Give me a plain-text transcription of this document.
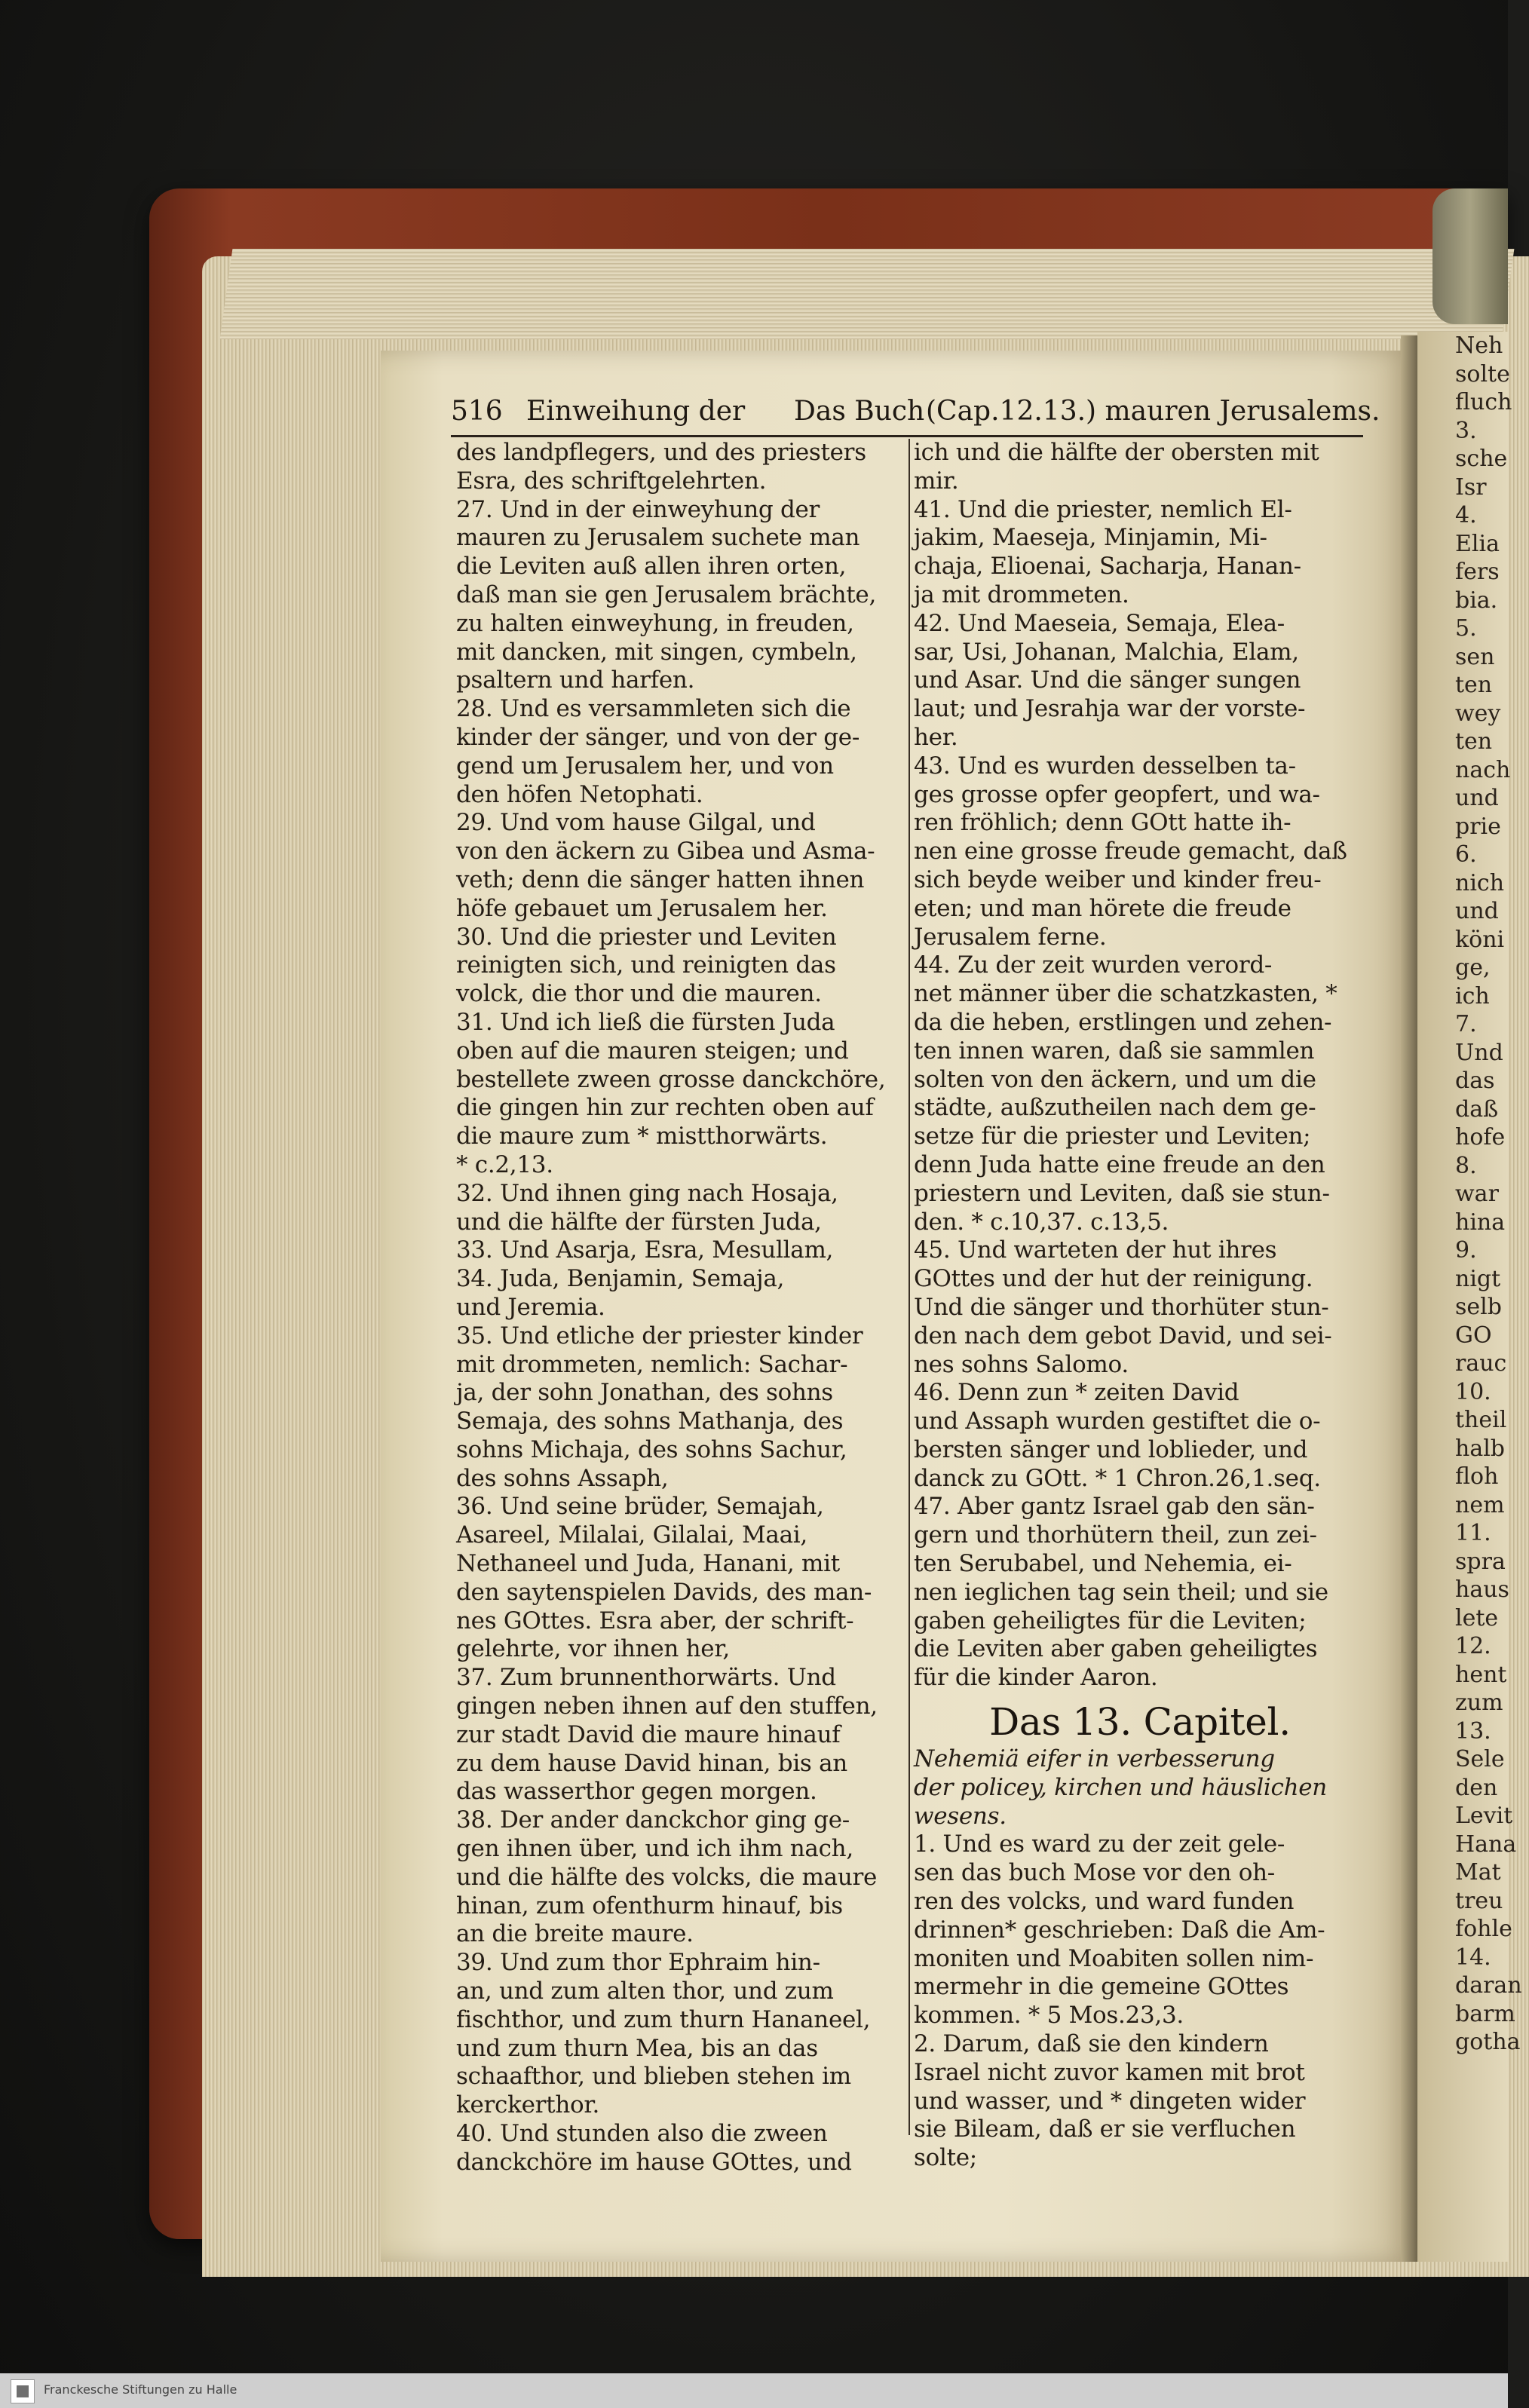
Neh
solte
fluch
3.
sche
Isr
4.
Elia
fers
bia.
5.
sen
ten
wey
ten
nach
und
prie
6.
nich
und
köni
ge,
ich
7.
Und
das
daß
hofe
8.
war
hina
9.
nigt
selb
GO
rauc
10.
theil
halb
floh
nem
11.
spra
haus
lete
12.
hent
zum
13.
Sele
den
Levit
Hana
Mat
treu
fohle
14.
daran
barm
gotha
516 Einweihung der Das Buch (Cap.12.13.) mauren Jerusalems.
des landpflegers, und des priesters
Esra, des schriftgelehrten.
27. Und in der einweyhung der
mauren zu Jerusalem suchete man
die Leviten auß allen ihren orten,
daß man sie gen Jerusalem brächte,
zu halten einweyhung, in freuden,
mit dancken, mit singen, cymbeln,
psaltern und harfen.
28. Und es versammleten sich die
kinder der sänger, und von der ge-
gend um Jerusalem her, und von
den höfen Netophati.
29. Und vom hause Gilgal, und
von den äckern zu Gibea und Asma-
veth; denn die sänger hatten ihnen
höfe gebauet um Jerusalem her.
30. Und die priester und Leviten
reinigten sich, und reinigten das
volck, die thor und die mauren.
31. Und ich ließ die fürsten Juda
oben auf die mauren steigen; und
bestellete zween grosse danckchöre,
die gingen hin zur rechten oben auf
die maure zum * mistthorwärts.
* c.2,13.
32. Und ihnen ging nach Hosaja,
und die hälfte der fürsten Juda,
33. Und Asarja, Esra, Mesullam,
34. Juda, Benjamin, Semaja,
und Jeremia.
35. Und etliche der priester kinder
mit drommeten, nemlich: Sachar-
ja, der sohn Jonathan, des sohns
Semaja, des sohns Mathanja, des
sohns Michaja, des sohns Sachur,
des sohns Assaph,
36. Und seine brüder, Semajah,
Asareel, Milalai, Gilalai, Maai,
Nethaneel und Juda, Hanani, mit
den saytenspielen Davids, des man-
nes GOttes. Esra aber, der schrift-
gelehrte, vor ihnen her,
37. Zum brunnenthorwärts. Und
gingen neben ihnen auf den stuffen,
zur stadt David die maure hinauf
zu dem hause David hinan, bis an
das wasserthor gegen morgen.
38. Der ander danckchor ging ge-
gen ihnen über, und ich ihm nach,
und die hälfte des volcks, die maure
hinan, zum ofenthurm hinauf, bis
an die breite maure.
39. Und zum thor Ephraim hin-
an, und zum alten thor, und zum
fischthor, und zum thurn Hananeel,
und zum thurn Mea, bis an das
schaafthor, und blieben stehen im
kerckerthor.
40. Und stunden also die zween
danckchöre im hause GOttes, und
ich und die hälfte der obersten mit
mir.
41. Und die priester, nemlich El-
jakim, Maeseja, Minjamin, Mi-
chaja, Elioenai, Sacharja, Hanan-
ja mit drommeten.
42. Und Maeseia, Semaja, Elea-
sar, Usi, Johanan, Malchia, Elam,
und Asar. Und die sänger sungen
laut; und Jesrahja war der vorste-
her.
43. Und es wurden desselben ta-
ges grosse opfer geopfert, und wa-
ren fröhlich; denn GOtt hatte ih-
nen eine grosse freude gemacht, daß
sich beyde weiber und kinder freu-
eten; und man hörete die freude
Jerusalem ferne.
44. Zu der zeit wurden verord-
net männer über die schatzkasten, *
da die heben, erstlingen und zehen-
ten innen waren, daß sie sammlen
solten von den äckern, und um die
städte, außzutheilen nach dem ge-
setze für die priester und Leviten;
denn Juda hatte eine freude an den
priestern und Leviten, daß sie stun-
den. * c.10,37. c.13,5.
45. Und warteten der hut ihres
GOttes und der hut der reinigung.
Und die sänger und thorhüter stun-
den nach dem gebot David, und sei-
nes sohns Salomo.
46. Denn zun * zeiten David
und Assaph wurden gestiftet die o-
bersten sänger und loblieder, und
danck zu GOtt. * 1 Chron.26,1.seq.
47. Aber gantz Israel gab den sän-
gern und thorhütern theil, zun zei-
ten Serubabel, und Nehemia, ei-
nen ieglichen tag sein theil; und sie
gaben geheiligtes für die Leviten;
die Leviten aber gaben geheiligtes
für die kinder Aaron.
Das 13. Capitel.
Nehemiä eifer in verbesserung
der policey, kirchen und häuslichen
wesens.
1. Und es ward zu der zeit gele-
sen das buch Mose vor den oh-
ren des volcks, und ward funden
drinnen* geschrieben: Daß die Am-
moniten und Moabiten sollen nim-
mermehr in die gemeine GOttes
kommen. * 5 Mos.23,3.
2. Darum, daß sie den kindern
Israel nicht zuvor kamen mit brot
und wasser, und * dingeten wider
sie Bileam, daß er sie verfluchen
solte;
Franckesche Stiftungen zu Halle
